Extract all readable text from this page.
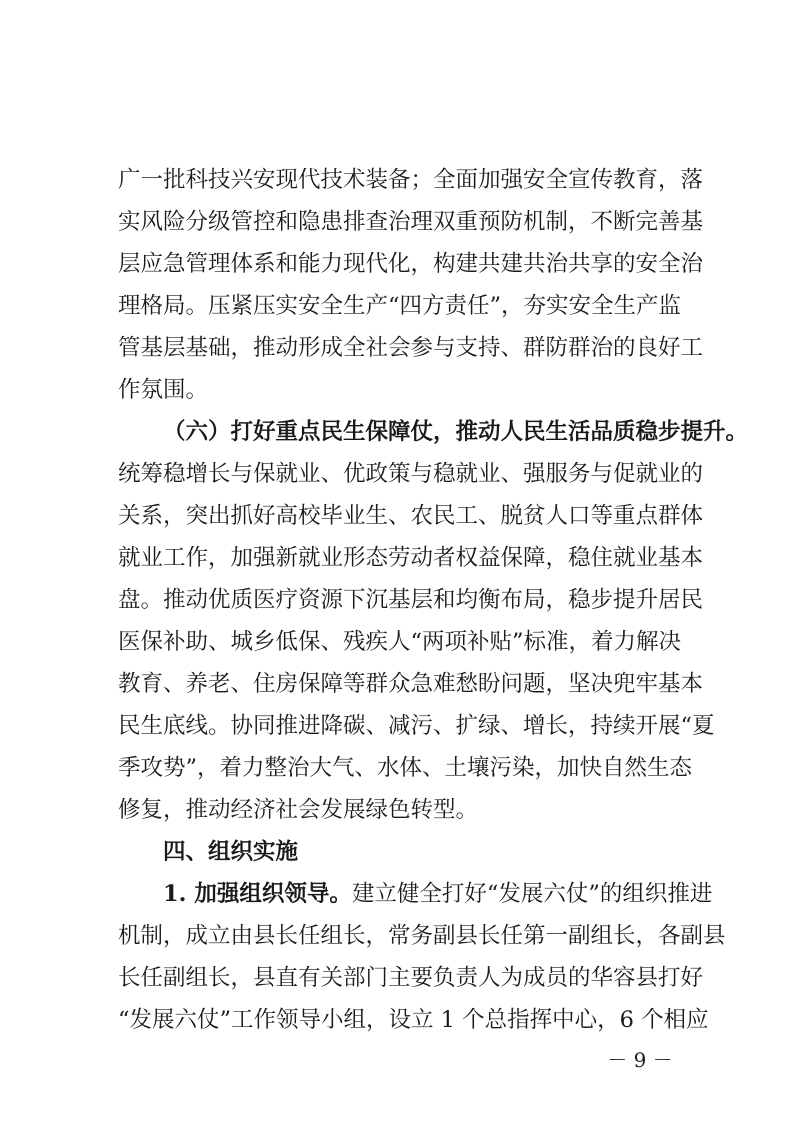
广一批科技兴安现代技术装备；全面加强安全宣传教育，落
实风险分级管控和隐患排查治理双重预防机制，不断完善基
层应急管理体系和能力现代化，构建共建共治共享的安全治
理格局。压紧压实安全生产“四方责任”，夯实安全生产监
管基层基础，推动形成全社会参与支持、群防群治的良好工
作氛围。
（六）打好重点民生保障仗，推动人民生活品质稳步提升。
统筹稳增长与保就业、优政策与稳就业、强服务与促就业的
关系，突出抓好高校毕业生、农民工、脱贫人口等重点群体
就业工作，加强新就业形态劳动者权益保障，稳住就业基本
盘。推动优质医疗资源下沉基层和均衡布局，稳步提升居民
医保补助、城乡低保、残疾人“两项补贴”标准，着力解决
教育、养老、住房保障等群众急难愁盼问题，坚决兜牢基本
民生底线。协同推进降碳、减污、扩绿、增长，持续开展“夏
季攻势”，着力整治大气、水体、土壤污染，加快自然生态
修复，推动经济社会发展绿色转型。
四、组织实施
1. 加强组织领导。建立健全打好“发展六仗”的组织推进
机制，成立由县长任组长，常务副县长任第一副组长，各副县
长任副组长，县直有关部门主要负责人为成员的华容县打好
“发展六仗”工作领导小组，设立 1 个总指挥中心，6 个相应
－ 9 －
